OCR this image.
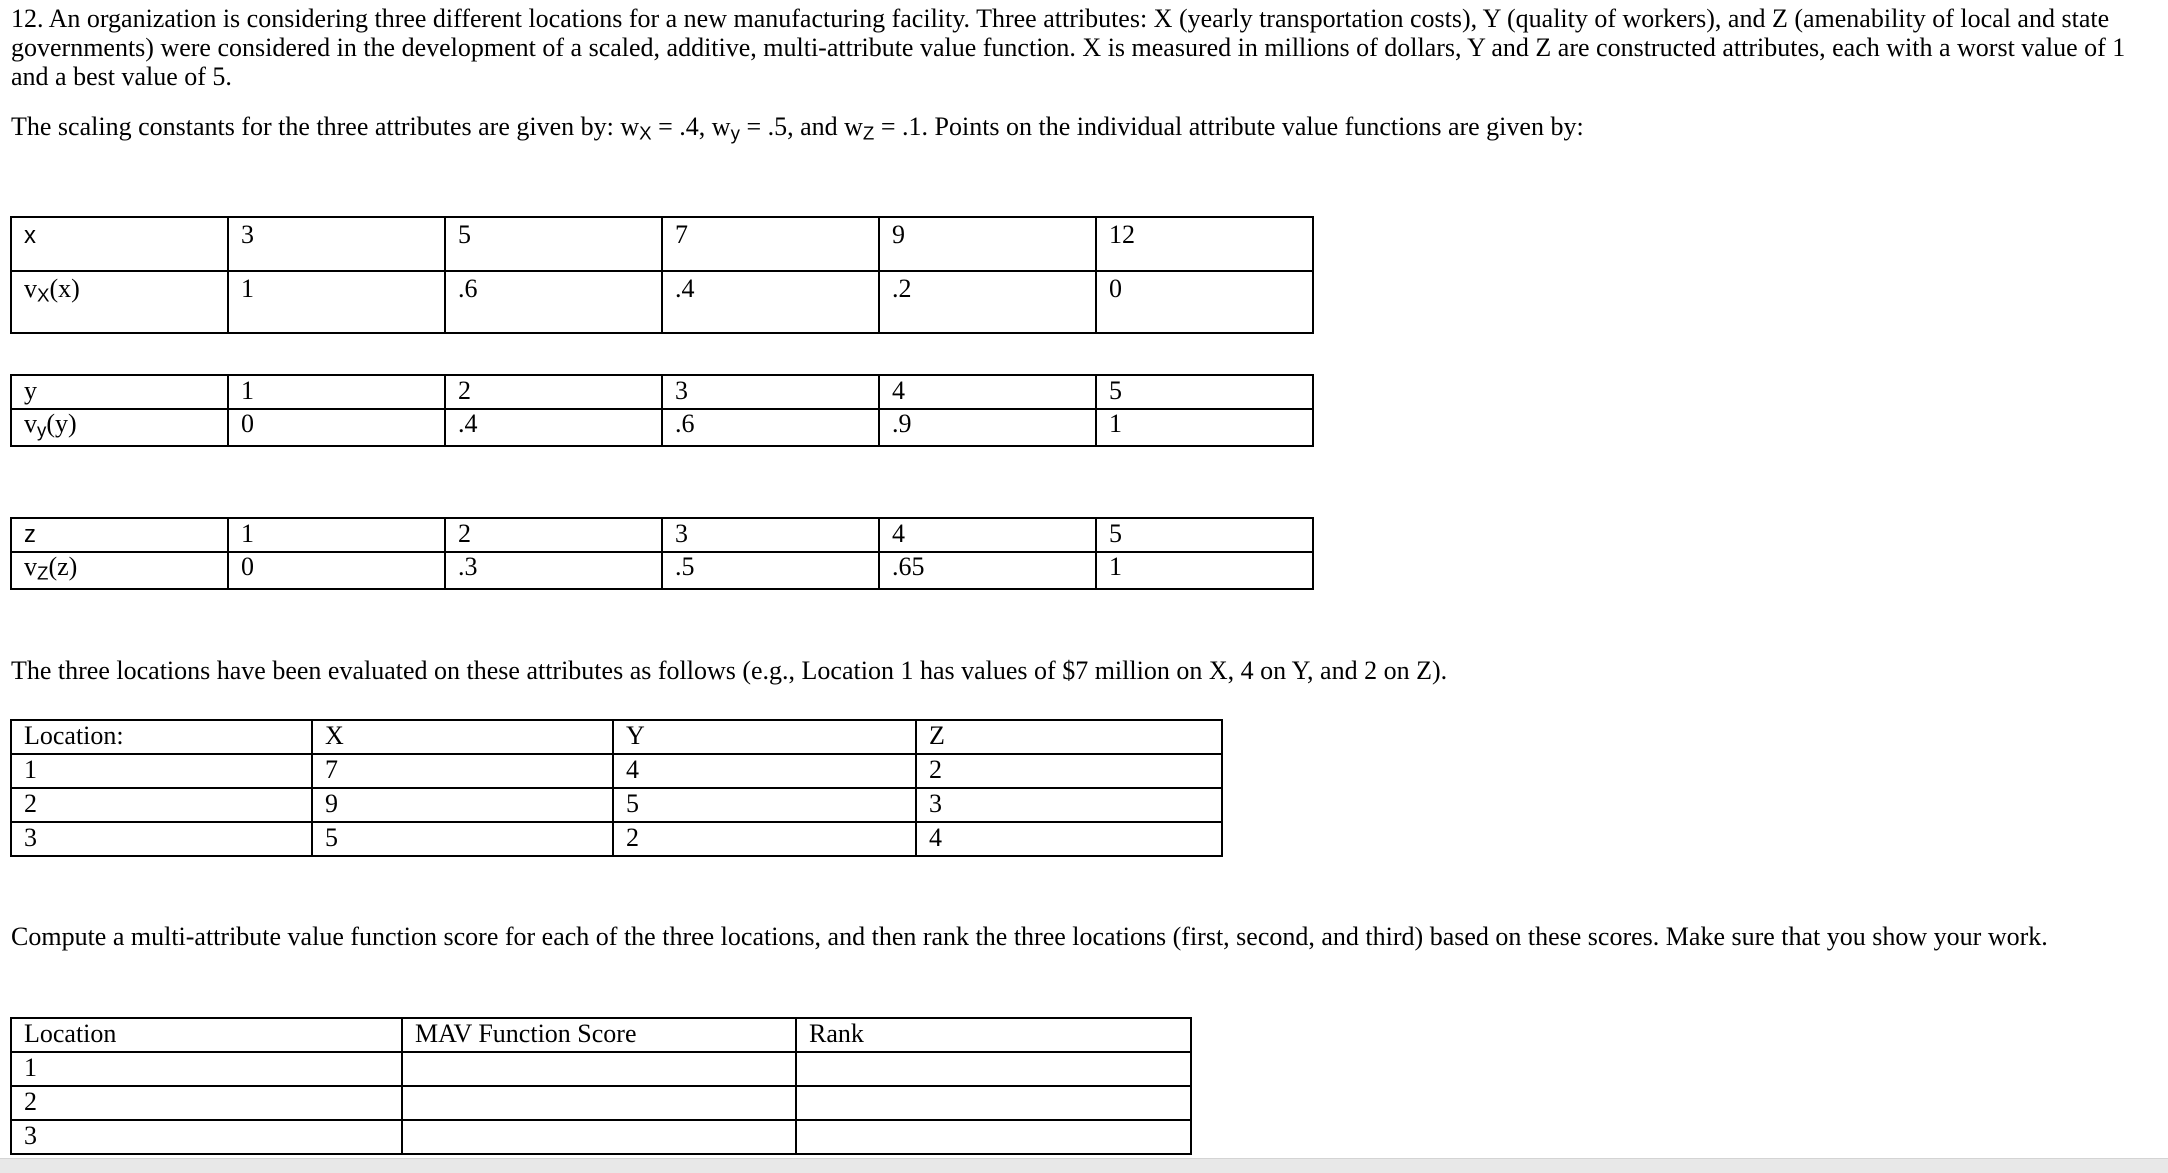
12. An organization is considering three different locations for a new manufacturing facility. Three attributes: X (yearly transportation costs), Y (quality of workers), and Z (amenability of local and state governments) were considered in the development of a scaled, additive, multi-attribute value function. X is measured in millions of dollars, Y and Z are constructed attributes, each with a worst value of 1 and a best value of 5.

The scaling constants for the three attributes are given by: $w_X = .4$, $w_y = .5$, and $w_Z = .1$. Points on the individual attribute value functions are given by:

x	3	5	7	9	12
$v_X(x)$	1	.6	.4	.2	0
y	1	2	3	4	5
$v_y(y)$	0	.4	.6	.9	1
z	1	2	3	4	5
$v_Z(z)$	0	.3	.5	.65	1

The three locations have been evaluated on these attributes as follows (e.g., Location 1 has values of $7 million on X, 4 on Y, and 2 on Z).

Location:	X	Y	Z
1	7	4	2
2	9	5	3
3	5	2	4

Compute a multi-attribute value function score for each of the three locations, and then rank the three locations (first, second, and third) based on these scores. Make sure that you show your work.

Location	MAV Function Score	Rank
1		
2		
3		
